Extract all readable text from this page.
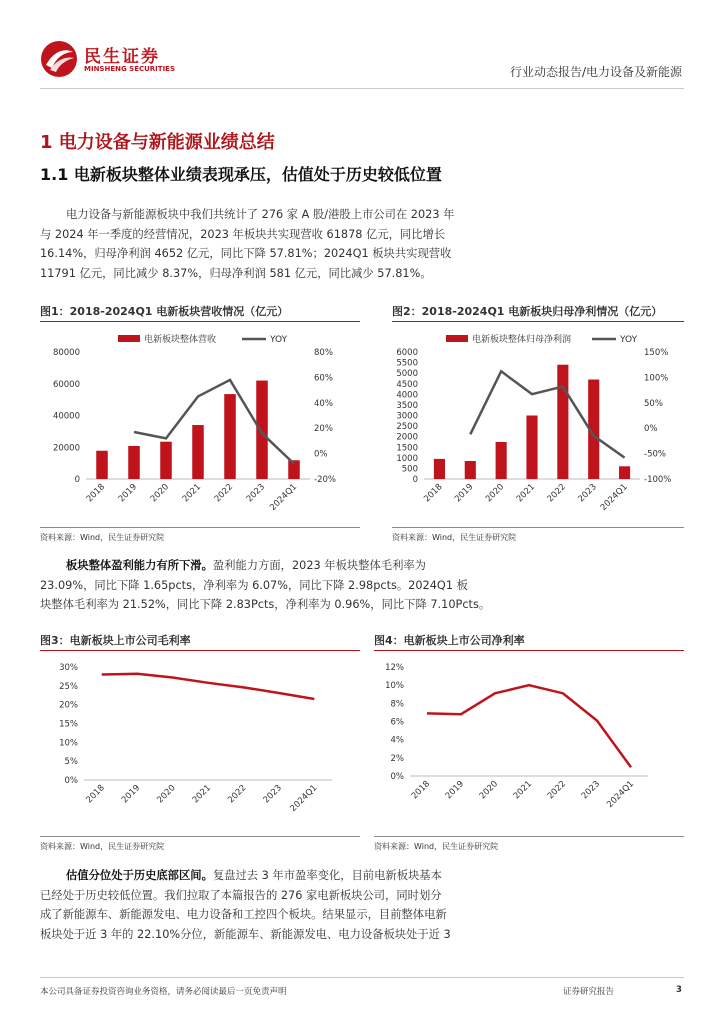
民生证券
MINSHENG SECURITIES	行业动态报告/电力设备及新能源
1 电力设备与新能源业绩总结
1.1 电新板块整体业绩表现承压，估值处于历史较低位置
电力设备与新能源板块中我们共统计了 276 家 A 股/港股上市公司在 2023 年
与 2024 年一季度的经营情况，2023 年板块共实现营收 61878 亿元，同比增长
16.14%，归母净利润 4652 亿元，同比下降 57.81%；2024Q1 板块共实现营收
11791 亿元，同比减少 8.37%，归母净利润 581 亿元，同比减少 57.81%。
图1：2018-2024Q1 电新板块营收情况（亿元）	图2：2018-2024Q1 电新板块归母净利情况（亿元）
电新板块整体营收	YOY
0
20000
40000
60000
80000
-20%
0%
20%
40%
60%
80%
2018 2019 2020 2021 2022 2023 2024Q1
电新板块整体归母净利润	YOY
0
500
1000
1500
2000
2500
3000
3500
4000
4500
5000
5500
6000
-100%
-50%
0%
50%
100%
150%
2018 2019 2020 2021 2022 2023 2024Q1
资料来源：Wind，民生证券研究院	资料来源：Wind，民生证券研究院
板块整体盈利能力有所下滑。盈利能力方面，2023 年板块整体毛利率为
23.09%，同比下降 1.65pcts，净利率为 6.07%，同比下降 2.98pcts。2024Q1 板
块整体毛利率为 21.52%，同比下降 2.83Pcts，净利率为 0.96%，同比下降 7.10Pcts。
图3：电新板块上市公司毛利率	图4：电新板块上市公司净利率
0%
5%
10%
15%
20%
25%
30%
2018 2019 2020 2021 2022 2023 2024Q1
0%
2%
4%
6%
8%
10%
12%
2018 2019 2020 2021 2022 2023 2024Q1
资料来源：Wind，民生证券研究院	资料来源：Wind，民生证券研究院
估值分位处于历史底部区间。复盘过去 3 年市盈率变化，目前电新板块基本
已经处于历史较低位置。我们拉取了本篇报告的 276 家电新板块公司，同时划分
成了新能源车、新能源发电、电力设备和工控四个板块。结果显示，目前整体电新
板块处于近 3 年的 22.10%分位，新能源车、新能源发电、电力设备板块处于近 3
本公司具备证券投资咨询业务资格，请务必阅读最后一页免责声明	证券研究报告	3
